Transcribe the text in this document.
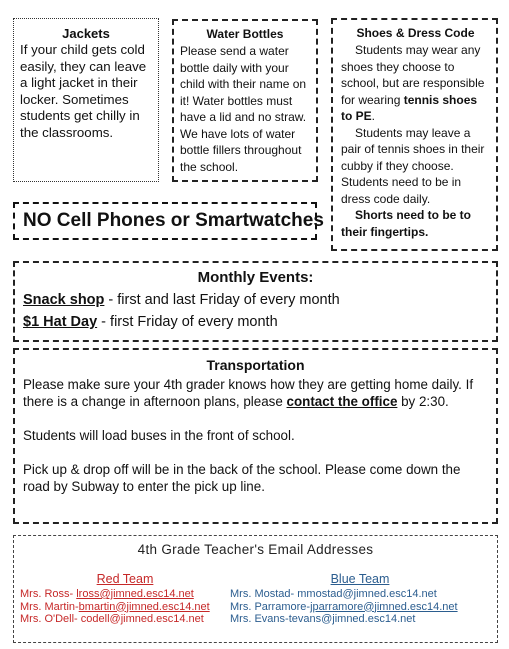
Jackets

If your child gets cold easily, they can leave a light jacket in their locker. Sometimes students get chilly in the classrooms.

Water Bottles

Please send a water bottle daily with your child with their name on it! Water bottles must have a lid and no straw. We have lots of water bottle fillers throughout the school.

Shoes & Dress Code

Students may wear any shoes they choose to school, but are responsible for wearing tennis shoes to PE.

Students may leave a pair of tennis shoes in their cubby if they choose. Students need to be in dress code daily.

Shorts need to be to their fingertips.

NO Cell Phones or Smartwatches

Monthly Events:

Snack shop - first and last Friday of every month

$1 Hat Day - first Friday of every month

Transportation

Please make sure your 4th grader knows how they are getting home daily. If there is a change in afternoon plans, please contact the office by 2:30.

Students will load buses in the front of school.

Pick up & drop off will be in the back of the school. Please come down the road by Subway to enter the pick up line.

4th Grade Teacher's Email Addresses

Red Team
Mrs. Ross- lross@jimned.esc14.net
Mrs. Martin-bmartin@jimned.esc14.net
Mrs. O'Dell- codell@jimned.esc14.net
Blue Team
Mrs. Mostad- mmostad@jimned.esc14.net
Mrs. Parramore-jparramore@jimned.esc14.net
Mrs. Evans-tevans@jimned.esc14.net
